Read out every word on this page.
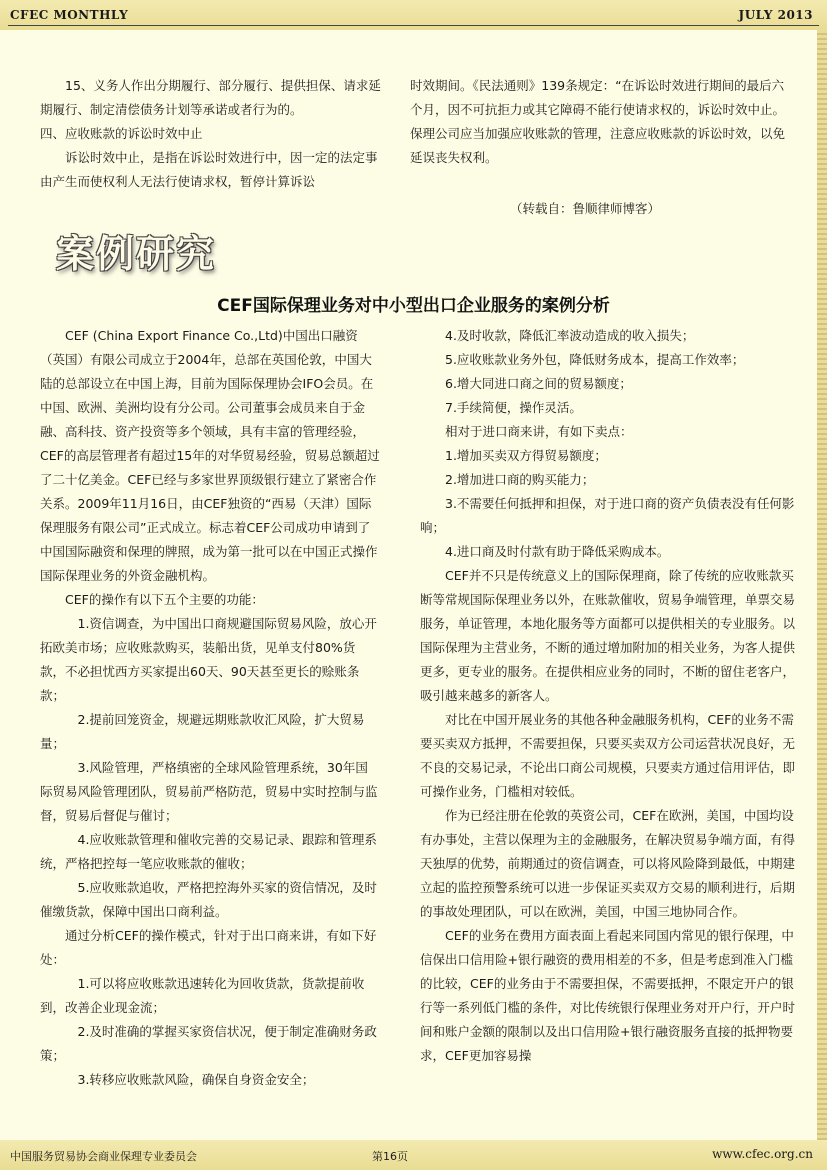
CFEC MONTHLY	JULY 2013

15、义务人作出分期履行、部分履行、提供担保、请求延期履行、制定清偿债务计划等承诺或者行为的。

四、应收账款的诉讼时效中止

诉讼时效中止，是指在诉讼时效进行中，因一定的法定事由产生而使权利人无法行使请求权，暂停计算诉讼

时效期间。《民法通则》139条规定：“在诉讼时效进行期间的最后六个月，因不可抗拒力或其它障碍不能行使请求权的，诉讼时效中止。保理公司应当加强应收账款的管理，注意应收账款的诉讼时效，以免延误丧失权利。

（转载自：鲁顺律师博客）
案例研究
CEF国际保理业务对中小型出口企业服务的案例分析

CEF (China Export Finance Co.,Ltd)中国出口融资（英国）有限公司成立于2004年，总部在英国伦敦，中国大陆的总部设立在中国上海，目前为国际保理协会IFO会员。在中国、欧洲、美洲均设有分公司。公司董事会成员来自于金融、高科技、资产投资等多个领域，具有丰富的管理经验，CEF的高层管理者有超过15年的对华贸易经验，贸易总额超过了二十亿美金。CEF已经与多家世界顶级银行建立了紧密合作关系。2009年11月16日，由CEF独资的“西易（天津）国际保理服务有限公司”正式成立。标志着CEF公司成功申请到了中国国际融资和保理的牌照，成为第一批可以在中国正式操作国际保理业务的外资金融机构。

CEF的操作有以下五个主要的功能：

1.资信调查，为中国出口商规避国际贸易风险，放心开拓欧美市场；应收账款购买，装船出货，见单支付80%货款，不必担忧西方买家提出60天、90天甚至更长的赊账条款；

2.提前回笼资金，规避远期账款收汇风险，扩大贸易量；

3.风险管理，严格缜密的全球风险管理系统，30年国际贸易风险管理团队，贸易前严格防范，贸易中实时控制与监督，贸易后督促与催讨；

4.应收账款管理和催收完善的交易记录、跟踪和管理系统，严格把控每一笔应收账款的催收；

5.应收账款追收，严格把控海外买家的资信情况，及时催缴货款，保障中国出口商利益。

通过分析CEF的操作模式，针对于出口商来讲，有如下好处：

1.可以将应收账款迅速转化为回收货款，货款提前收到，改善企业现金流；

2.及时准确的掌握买家资信状况，便于制定准确财务政策；

3.转移应收账款风险，确保自身资金安全；

4.及时收款，降低汇率波动造成的收入损失；

5.应收账款业务外包，降低财务成本，提高工作效率；

6.增大同进口商之间的贸易额度；

7.手续简便，操作灵活。

相对于进口商来讲，有如下卖点：

1.增加买卖双方得贸易额度；

2.增加进口商的购买能力；

3.不需要任何抵押和担保，对于进口商的资产负债表没有任何影响；

4.进口商及时付款有助于降低采购成本。

CEF并不只是传统意义上的国际保理商，除了传统的应收账款买断等常规国际保理业务以外，在账款催收，贸易争端管理，单票交易服务，单证管理，本地化服务等方面都可以提供相关的专业服务。以国际保理为主营业务，不断的通过增加附加的相关业务，为客人提供更多，更专业的服务。在提供相应业务的同时，不断的留住老客户，吸引越来越多的新客人。

对比在中国开展业务的其他各种金融服务机构，CEF的业务不需要买卖双方抵押，不需要担保，只要买卖双方公司运营状况良好，无不良的交易记录，不论出口商公司规模，只要卖方通过信用评估，即可操作业务，门槛相对较低。

作为已经注册在伦敦的英资公司，CEF在欧洲，美国，中国均设有办事处，主营以保理为主的金融服务，在解决贸易争端方面，有得天独厚的优势，前期通过的资信调查，可以将风险降到最低，中期建立起的监控预警系统可以进一步保证买卖双方交易的顺利进行，后期的事故处理团队，可以在欧洲，美国，中国三地协同合作。

CEF的业务在费用方面表面上看起来同国内常见的银行保理，中信保出口信用险+银行融资的费用相差的不多，但是考虑到准入门槛的比较，CEF的业务由于不需要担保，不需要抵押，不限定开户的银行等一系列低门槛的条件，对比传统银行保理业务对开户行，开户时间和账户金额的限制以及出口信用险+银行融资服务直接的抵押物要求，CEF更加容易操

中国服务贸易协会商业保理专业委员会	第16页	www.cfec.org.cn
